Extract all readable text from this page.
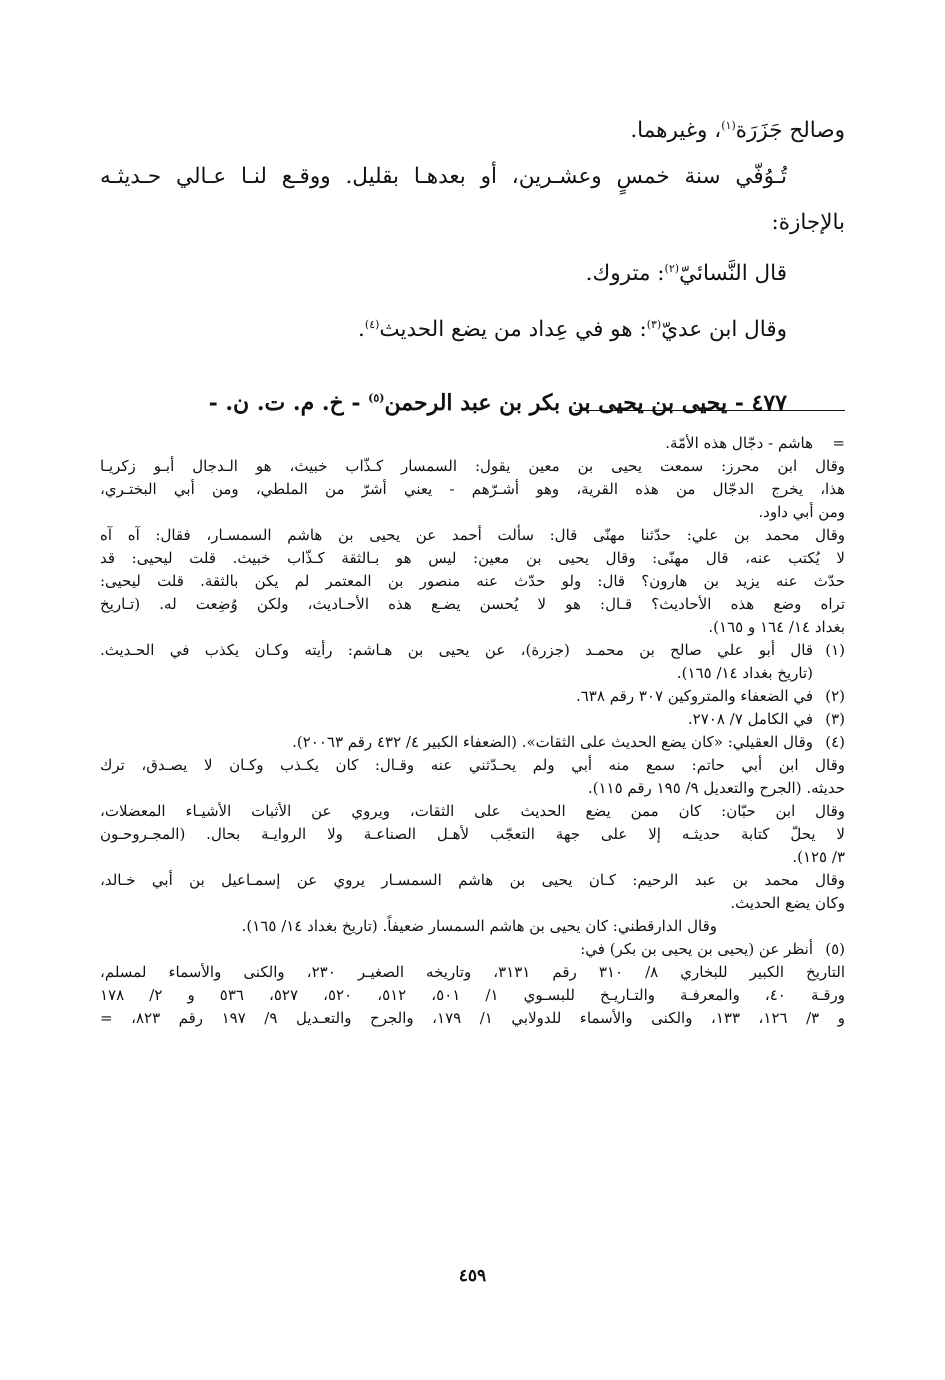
وصالح جَزَرَة$^{(١)}$، وغيرهما.
تُـوُفّي سنة خمسٍ وعشـرين، أو بعدهـا بقليل. ووقـع لنـا عـالي حـديثـه
بالإجازة:
قال النَّسائيّ$^{(٢)}$: متروك.
وقال ابن عديّ$^{(٣)}$: هو في عِداد من يضع الحديث$^{(٤)}$.
٤٧٧ - يحيى بن يحيى بن بكر بن عبد الرحمن$^{(٥)}$ - خ. م. ت. ن. -
=
هاشم - دجّال هذه الأمّة.
وقال ابن محرز: سمعت يحيى بن معين يقول: السمسار كـذّاب خبيث، هو الـدجال أبـو زكريـا
هذا، يخرج الدجّال من هذه القرية، وهو أشـرّهم - يعني أشرّ من الملطي، ومن أبي البختـري،
ومن أبي داود.
وقال محمد بن علي: حدّثنا مهنّى قال: سألت أحمد عن يحيى بن هاشم السمسـار، فقال: آه آه
لا يُكتب عنه، قال مهنّى: وقال يحيى بن معين: ليس هو بـالثقة كـذّاب خبيث. قلت ليحيى: قد
حدّث عنه يزيد بن هارون؟ قال: ولو حدّث عنه منصور بن المعتمر لم يكن بالثقة. قلت ليحيى:
تراه وضع هذه الأحاديث؟ قـال: هو لا يُحسن يضـع هذه الأحـاديث، ولكن وُضِعت له. (تـاريخ
بغداد ١٤/ ١٦٤ و ١٦٥).
(١)
قال أبو علي صالح بن محمـد (جزرة)، عن يحيى بن هـاشم: رأيته وكـان يكذب في الحـديث.
(تاريخ بغداد ١٤/ ١٦٥).
(٢)
في الضعفاء والمتروكين ٣٠٧ رقم ٦٣٨.
(٣)
في الكامل ٧/ ٢٧٠٨.
(٤)
وقال العقيلي: «كان يضع الحديث على الثقات». (الضعفاء الكبير ٤/ ٤٣٢ رقم ٢٠٠٦٣).
وقال ابن أبي حاتم: سمع منه أبي ولم يحـدّثني عنه وقـال: كان يكـذب وكـان لا يصـدق، ترك
حديثه. (الجرح والتعديل ٩/ ١٩٥ رقم ١١٥).
وقال ابن حبّان: كان ممن يضع الحديث على الثقات، ويروي عن الأثبات الأشيـاء المعضلات،
لا يحلّ كتابة حديثـه إلا على جهة التعجّب لأهـل الصناعـة ولا الروايـة بحال. (المجـروحـون
٣/ ١٢٥).
وقال محمد بن عبد الرحيم: كـان يحيى بن هاشم السمسـار يروي عن إسمـاعيل بن أبي خـالد،
وكان يضع الحديث.
وقال الدارقطني: كان يحيى بن هاشم السمسار ضعيفاً. (تاريخ بغداد ١٤/ ١٦٥).
(٥)
أنظر عن (يحيى بن يحيى بن بكر) في:
التاريخ الكبير للبخاري ٨/ ٣١٠ رقم ٣١٣١، وتاريخه الصغيـر ٢٣٠، والكنى والأسماء لمسلم،
ورقـة ٤٠، والمعرفـة والتـاريـخ للبسـوي ١/ ٥٠١، ٥١٢، ٥٢٠، ٥٢٧، ٥٣٦ و ٢/ ١٧٨
و ٣/ ١٢٦، ١٣٣، والكنى والأسماء للدولابي ١/ ١٧٩، والجرح والتعـديل ٩/ ١٩٧ رقم ٨٢٣، =
٤٥٩
